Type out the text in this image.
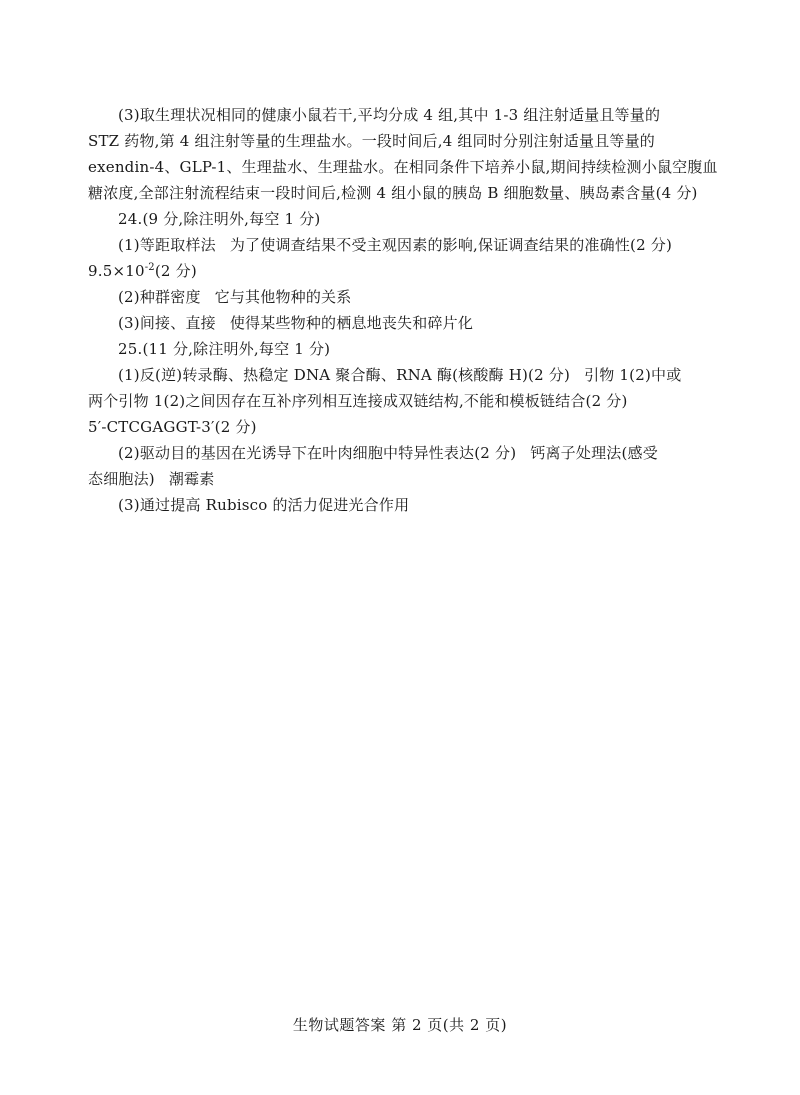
(3)取生理状况相同的健康小鼠若干,平均分成 4 组,其中 1-3 组注射适量且等量的
STZ 药物,第 4 组注射等量的生理盐水。一段时间后,4 组同时分别注射适量且等量的
exendin-4、GLP-1、生理盐水、生理盐水。在相同条件下培养小鼠,期间持续检测小鼠空腹血
糖浓度,全部注射流程结束一段时间后,检测 4 组小鼠的胰岛 B 细胞数量、胰岛素含量(4 分)
24.(9 分,除注明外,每空 1 分)
(1)等距取样法 为了使调查结果不受主观因素的影响,保证调查结果的准确性(2 分)
$9.5\times 10^{-2}(2$ 分)
(2)种群密度 它与其他物种的关系
(3)间接、直接 使得某些物种的栖息地丧失和碎片化
25.(11 分,除注明外,每空 1 分)
(1)反(逆)转录酶、热稳定 DNA 聚合酶、RNA 酶(核酸酶 H)(2 分) 引物 1(2)中或
两个引物 1(2)之间因存在互补序列相互连接成双链结构,不能和模板链结合(2 分)
5′-CTCGAGGT-3′(2 分)
(2)驱动目的基因在光诱导下在叶肉细胞中特异性表达(2 分) 钙离子处理法(感受
态细胞法) 潮霉素
(3)通过提高 Rubisco 的活力促进光合作用
生物试题答案 第 2 页(共 2 页)
